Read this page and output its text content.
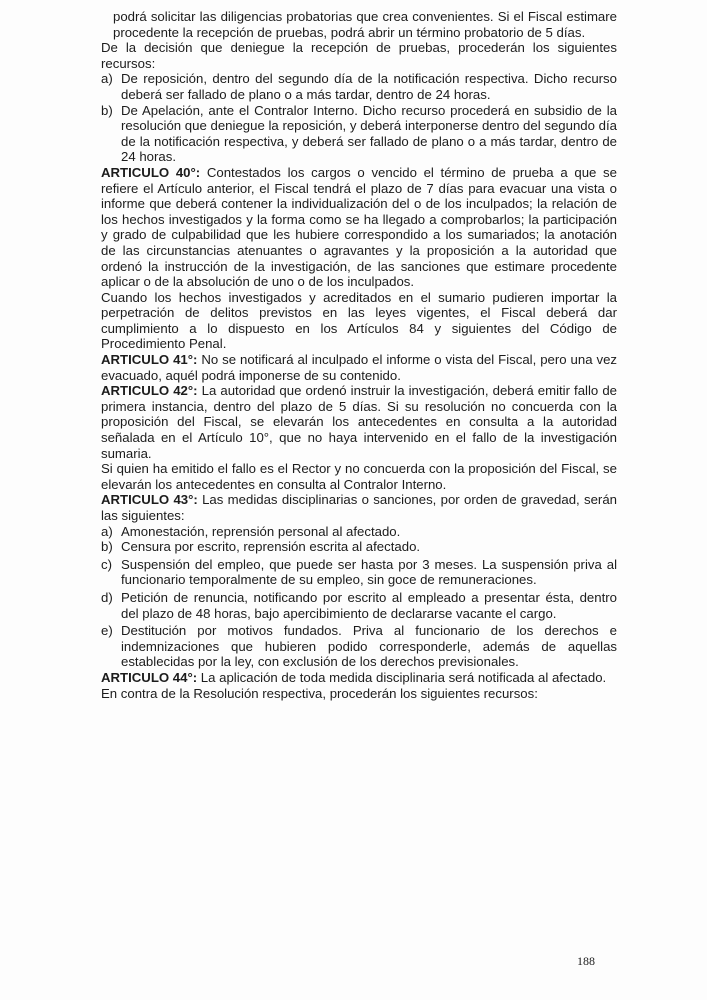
podrá solicitar las diligencias probatorias que crea convenientes. Si el Fiscal estimare procedente la recepción de pruebas, podrá abrir un término probatorio de 5 días.

De la decisión que deniegue la recepción de pruebas, procederán los siguientes recursos:

a) De reposición, dentro del segundo día de la notificación respectiva. Dicho recurso deberá ser fallado de plano o a más tardar, dentro de 24 horas.
b) De Apelación, ante el Contralor Interno. Dicho recurso procederá en subsidio de la resolución que deniegue la reposición, y deberá interponerse dentro del segundo día de la notificación respectiva, y deberá ser fallado de plano o a más tardar, dentro de 24 horas.

ARTICULO 40°: Contestados los cargos o vencido el término de prueba a que se refiere el Artículo anterior, el Fiscal tendrá el plazo de 7 días para evacuar una vista o informe que deberá contener la individualización del o de los inculpados; la relación de los hechos investigados y la forma como se ha llegado a comprobarlos; la participación y grado de culpabilidad que les hubiere correspondido a los sumariados; la anotación de las circunstancias atenuantes o agravantes y la proposición a la autoridad que ordenó la instrucción de la investigación, de las sanciones que estimare procedente aplicar o de la absolución de uno o de los inculpados.

Cuando los hechos investigados y acreditados en el sumario pudieren importar la perpetración de delitos previstos en las leyes vigentes, el Fiscal deberá dar cumplimiento a lo dispuesto en los Artículos 84 y siguientes del Código de Procedimiento Penal.

ARTICULO 41°: No se notificará al inculpado el informe o vista del Fiscal, pero una vez evacuado, aquél podrá imponerse de su contenido.

ARTICULO 42°: La autoridad que ordenó instruir la investigación, deberá emitir fallo de primera instancia, dentro del plazo de 5 días. Si su resolución no concuerda con la proposición del Fiscal, se elevarán los antecedentes en consulta a la autoridad señalada en el Artículo 10°, que no haya intervenido en el fallo de la investigación sumaria.

Si quien ha emitido el fallo es el Rector y no concuerda con la proposición del Fiscal, se elevarán los antecedentes en consulta al Contralor Interno.

ARTICULO 43°: Las medidas disciplinarias o sanciones, por orden de gravedad, serán las siguientes:

a) Amonestación, reprensión personal al afectado.
b) Censura por escrito, reprensión escrita al afectado.
c) Suspensión del empleo, que puede ser hasta por 3 meses. La suspensión priva al funcionario temporalmente de su empleo, sin goce de remuneraciones.
d) Petición de renuncia, notificando por escrito al empleado a presentar ésta, dentro del plazo de 48 horas, bajo apercibimiento de declararse vacante el cargo.
e) Destitución por motivos fundados. Priva al funcionario de los derechos e indemnizaciones que hubieren podido corresponderle, además de aquellas establecidas por la ley, con exclusión de los derechos previsionales.

ARTICULO 44°: La aplicación de toda medida disciplinaria será notificada al afectado.

En contra de la Resolución respectiva, procederán los siguientes recursos:

188
